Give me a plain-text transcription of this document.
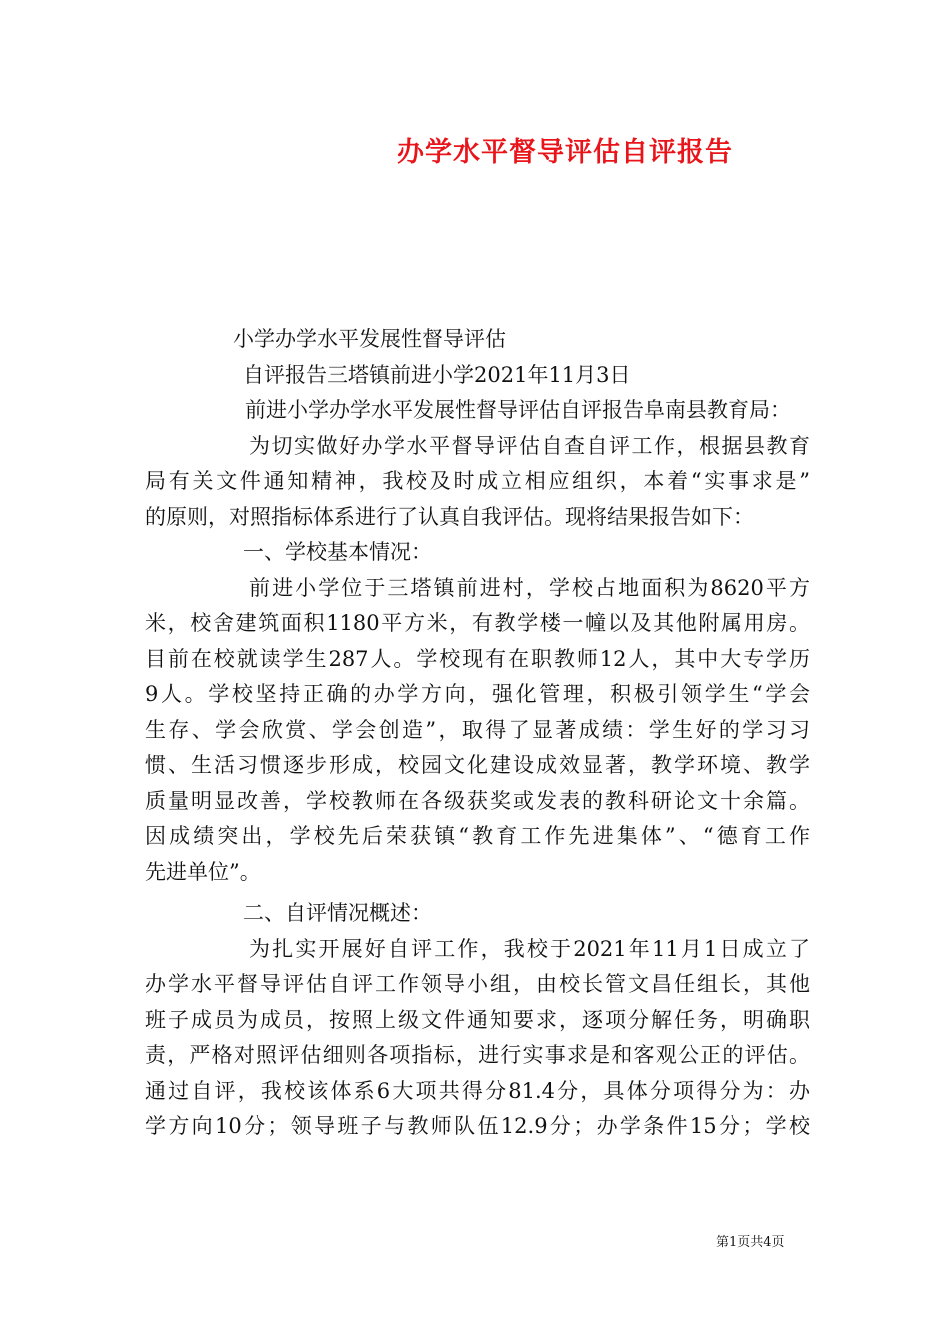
办学水平督导评估自评报告
小学办学水平发展性督导评估
自评报告三塔镇前进小学2021年11月3日
前进小学办学水平发展性督导评估自评报告阜南县教育局：
为切实做好办学水平督导评估自查自评工作，根据县教育
局有关文件通知精神，我校及时成立相应组织，本着“实事求是”
的原则，对照指标体系进行了认真自我评估。现将结果报告如下：
一、学校基本情况：
前进小学位于三塔镇前进村，学校占地面积为8620平方
米，校舍建筑面积1180平方米，有教学楼一幢以及其他附属用房。
目前在校就读学生287人。学校现有在职教师12人，其中大专学历
9人。学校坚持正确的办学方向，强化管理，积极引领学生“学会
生存、学会欣赏、学会创造”，取得了显著成绩：学生好的学习习
惯、生活习惯逐步形成，校园文化建设成效显著，教学环境、教学
质量明显改善，学校教师在各级获奖或发表的教科研论文十余篇。
因成绩突出，学校先后荣获镇“教育工作先进集体”、“德育工作
先进单位”。
二、自评情况概述：
为扎实开展好自评工作，我校于2021年11月1日成立了
办学水平督导评估自评工作领导小组，由校长管文昌任组长，其他
班子成员为成员，按照上级文件通知要求，逐项分解任务，明确职
责，严格对照评估细则各项指标，进行实事求是和客观公正的评估。
通过自评，我校该体系6大项共得分81.4分，具体分项得分为：办
学方向10分；领导班子与教师队伍12.9分；办学条件15分；学校
第1页共4页
